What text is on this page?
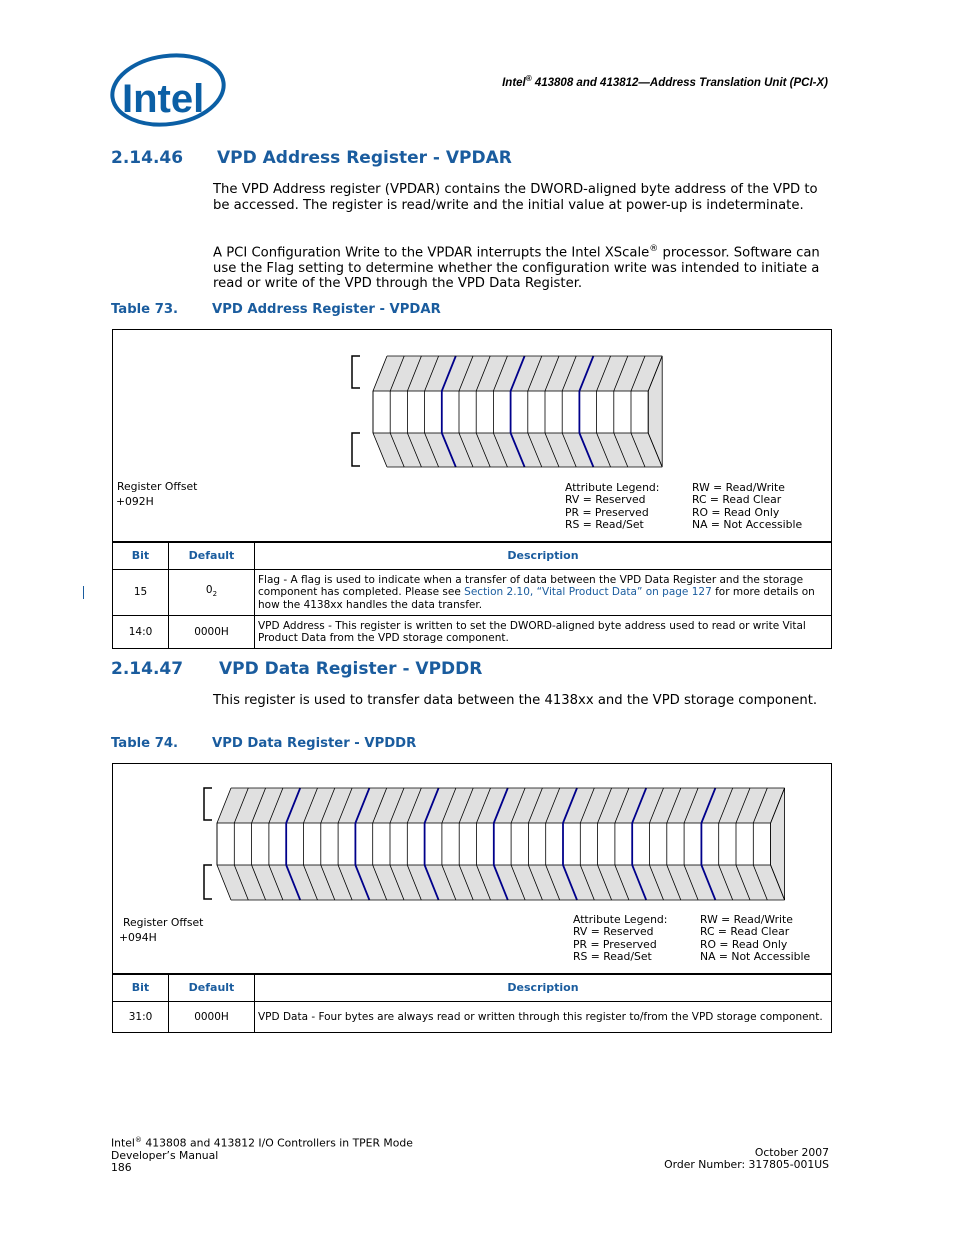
Intel	Intel® 413808 and 413812—Address Translation Unit (PCI-X)
2.14.46 VPD Address Register - VPDAR
The VPD Address register (VPDAR) contains the DWORD-aligned byte address of the VPD to be accessed. The register is read/write and the initial value at power-up is indeterminate.
A PCI Configuration Write to the VPDAR interrupts the Intel XScale® processor. Software can use the Flag setting to determine whether the configuration write was intended to initiate a read or write of the VPD through the VPD Data Register.
Table 73.	VPD Address Register - VPDAR
Register Offset
+092H
Attribute Legend:
RV = Reserved
PR = Preserved
RS = Read/Set
RW = Read/Write
RC = Read Clear
RO = Read Only
NA = Not Accessible
Bit	Default	Description
15	$0_2$	Flag - A flag is used to indicate when a transfer of data between the VPD Data Register and the storage component has completed. Please see Section 2.10, “Vital Product Data” on page 127 for more details on how the 4138xx handles the data transfer.
14:0	0000H	VPD Address - This register is written to set the DWORD-aligned byte address used to read or write Vital Product Data from the VPD storage component.
2.14.47 VPD Data Register - VPDDR
This register is used to transfer data between the 4138xx and the VPD storage component.
Table 74.	VPD Data Register - VPDDR
Register Offset
+094H
Attribute Legend:
RV = Reserved
PR = Preserved
RS = Read/Set
RW = Read/Write
RC = Read Clear
RO = Read Only
NA = Not Accessible
Bit	Default	Description
31:0	0000H	VPD Data - Four bytes are always read or written through this register to/from the VPD storage component.
Intel® 413808 and 413812 I/O Controllers in TPER Mode
Developer’s Manual
186
October 2007
Order Number: 317805-001US
